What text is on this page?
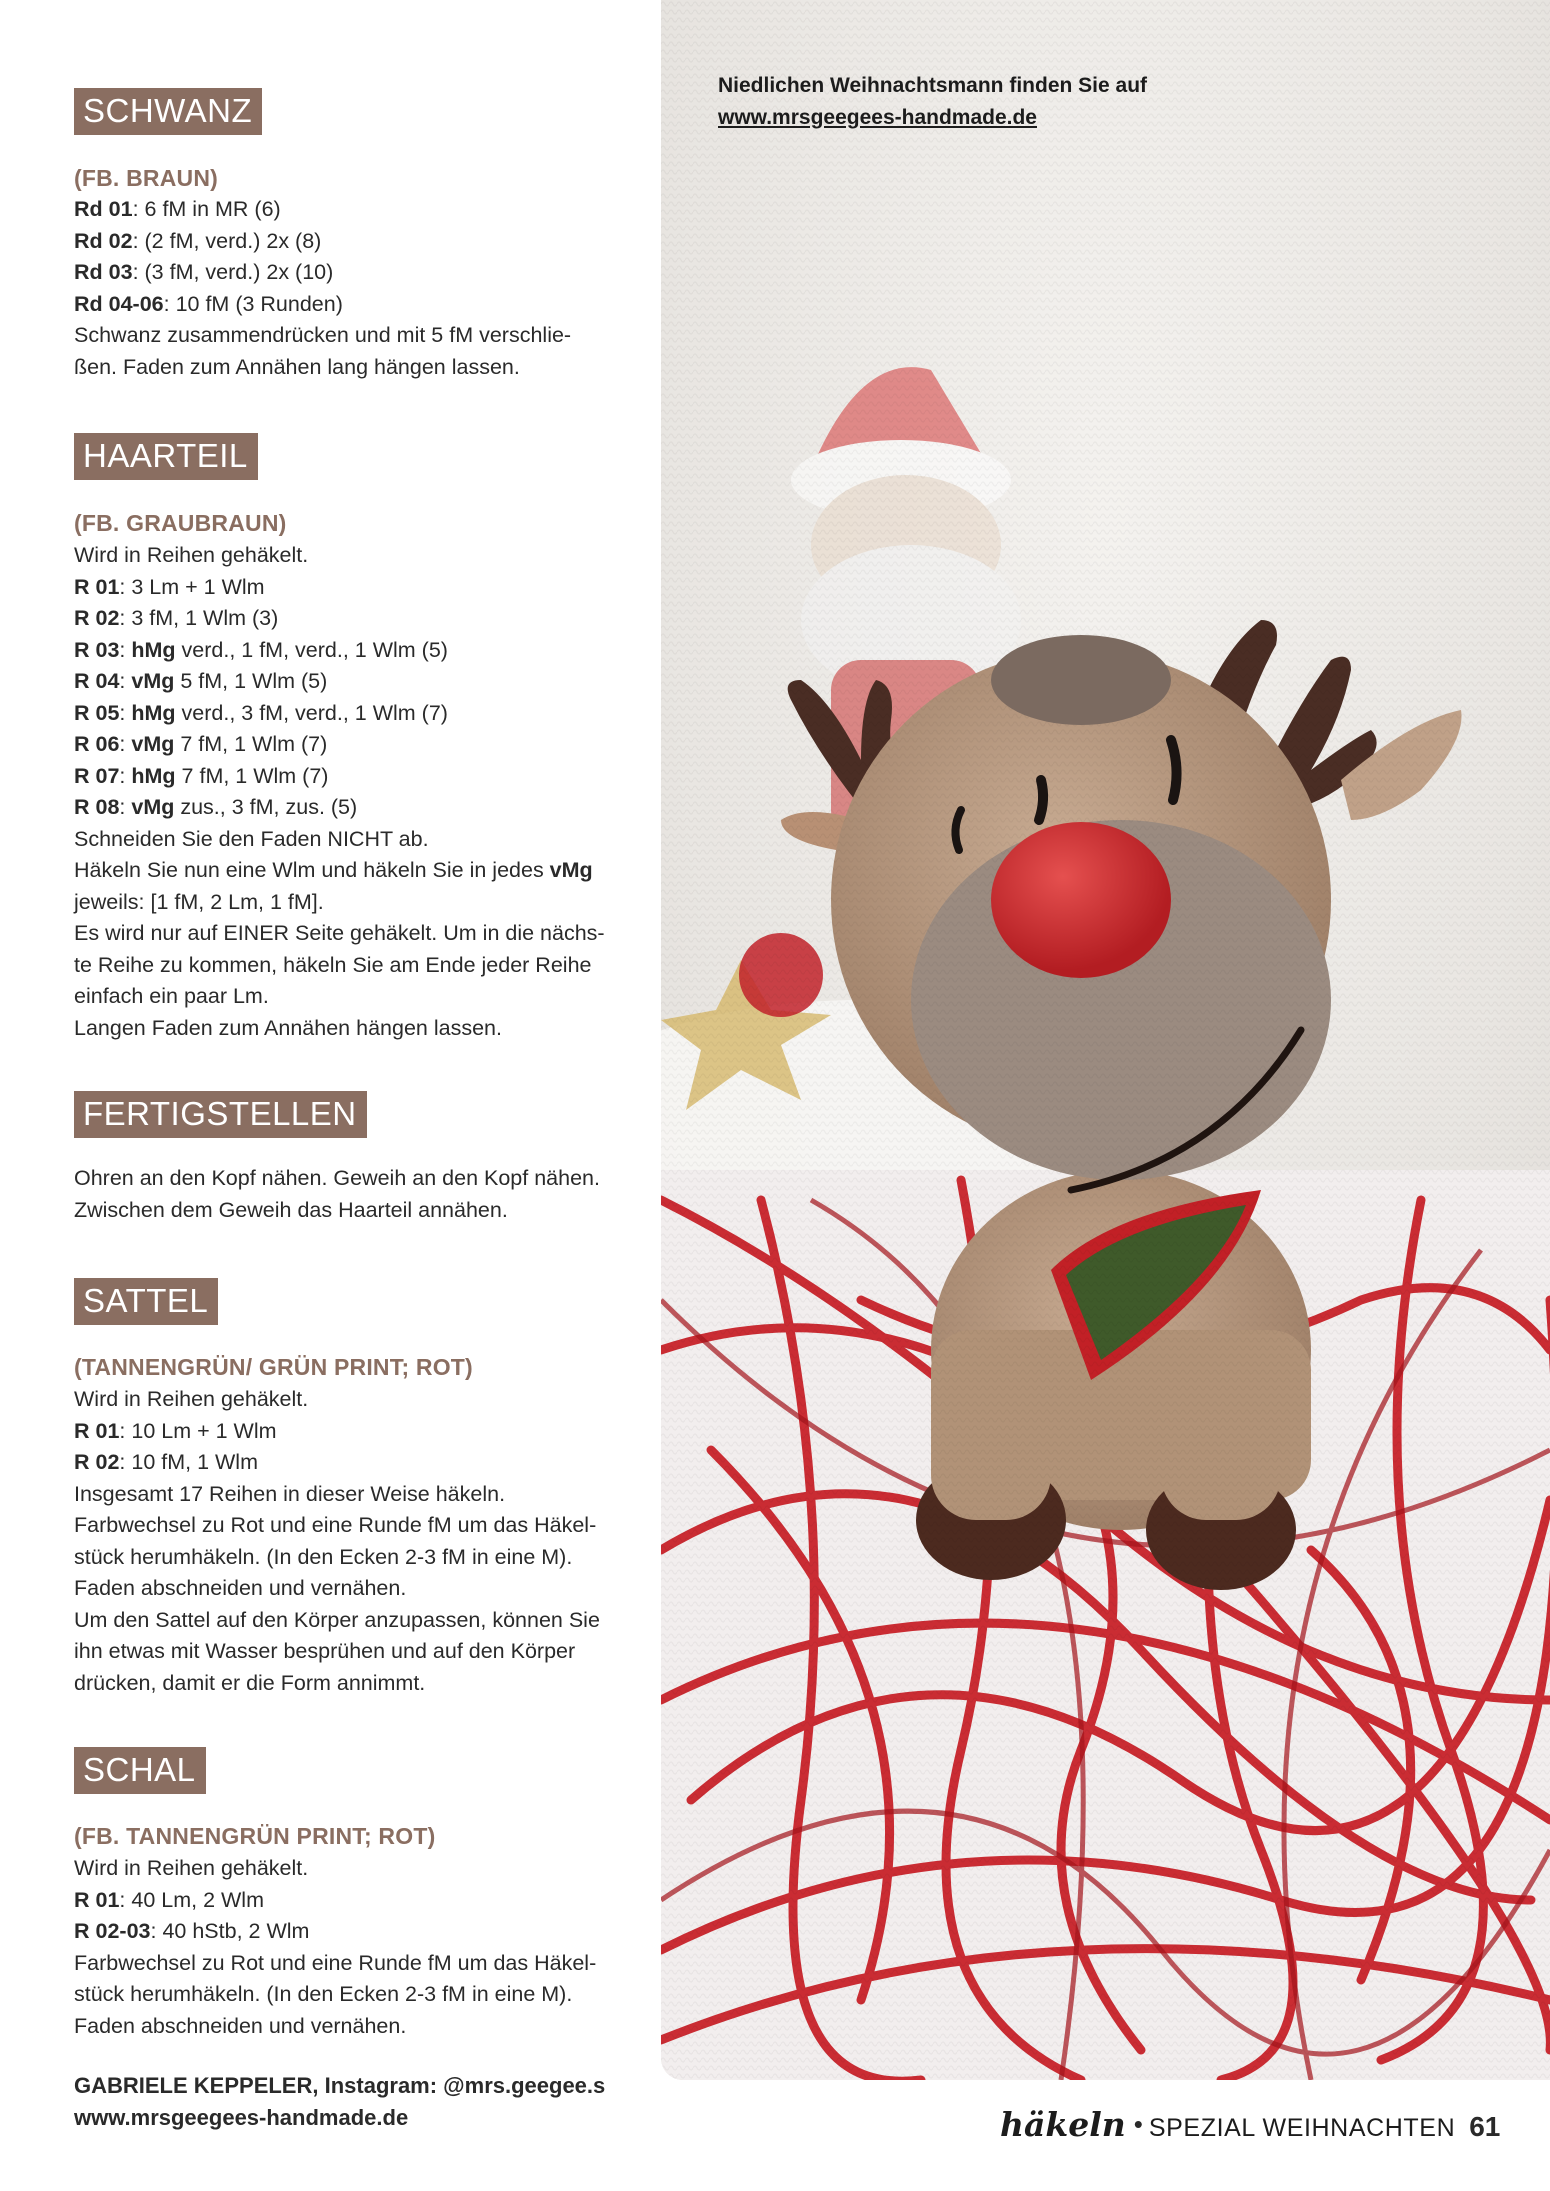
SCHWANZ
(FB. BRAUN)
Rd 01: 6 fM in MR (6)
Rd 02: (2 fM, verd.) 2x (8)
Rd 03: (3 fM, verd.) 2x (10)
Rd 04-06: 10 fM (3 Runden)
Schwanz zusammendrücken und mit 5 fM verschlie-
ßen. Faden zum Annähen lang hängen lassen.
HAARTEIL
(FB. GRAUBRAUN)
Wird in Reihen gehäkelt.
R 01: 3 Lm + 1 Wlm
R 02: 3 fM, 1 Wlm (3)
R 03: hMg verd., 1 fM, verd., 1 Wlm (5)
R 04: vMg 5 fM, 1 Wlm (5)
R 05: hMg verd., 3 fM, verd., 1 Wlm (7)
R 06: vMg 7 fM, 1 Wlm (7)
R 07: hMg 7 fM, 1 Wlm (7)
R 08: vMg zus., 3 fM, zus. (5)
Schneiden Sie den Faden NICHT ab.
Häkeln Sie nun eine Wlm und häkeln Sie in jedes vMg
jeweils: [1 fM, 2 Lm, 1 fM].
Es wird nur auf EINER Seite gehäkelt. Um in die nächs-
te Reihe zu kommen, häkeln Sie am Ende jeder Reihe
einfach ein paar Lm.
Langen Faden zum Annähen hängen lassen.
FERTIGSTELLEN
Ohren an den Kopf nähen. Geweih an den Kopf nähen.
Zwischen dem Geweih das Haarteil annähen.
SATTEL
(TANNENGRÜN/ GRÜN PRINT; ROT)
Wird in Reihen gehäkelt.
R 01: 10 Lm + 1 Wlm
R 02: 10 fM, 1 Wlm
Insgesamt 17 Reihen in dieser Weise häkeln.
Farbwechsel zu Rot und eine Runde fM um das Häkel-
stück herumhäkeln. (In den Ecken 2-3 fM in eine M).
Faden abschneiden und vernähen.
Um den Sattel auf den Körper anzupassen, können Sie
ihn etwas mit Wasser besprühen und auf den Körper
drücken, damit er die Form annimmt.
SCHAL
(FB. TANNENGRÜN PRINT; ROT)
Wird in Reihen gehäkelt.
R 01: 40 Lm, 2 Wlm
R 02-03: 40 hStb, 2 Wlm
Farbwechsel zu Rot und eine Runde fM um das Häkel-
stück herumhäkeln. (In den Ecken 2-3 fM in eine M).
Faden abschneiden und vernähen.
GABRIELE KEPPELER, Instagram: @mrs.geegee.s
www.mrsgeegees-handmade.de
Niedlichen Weihnachtsmann finden Sie auf
www.mrsgeegees-handmade.de
häkeln • SPEZIAL WEIHNACHTEN 61
